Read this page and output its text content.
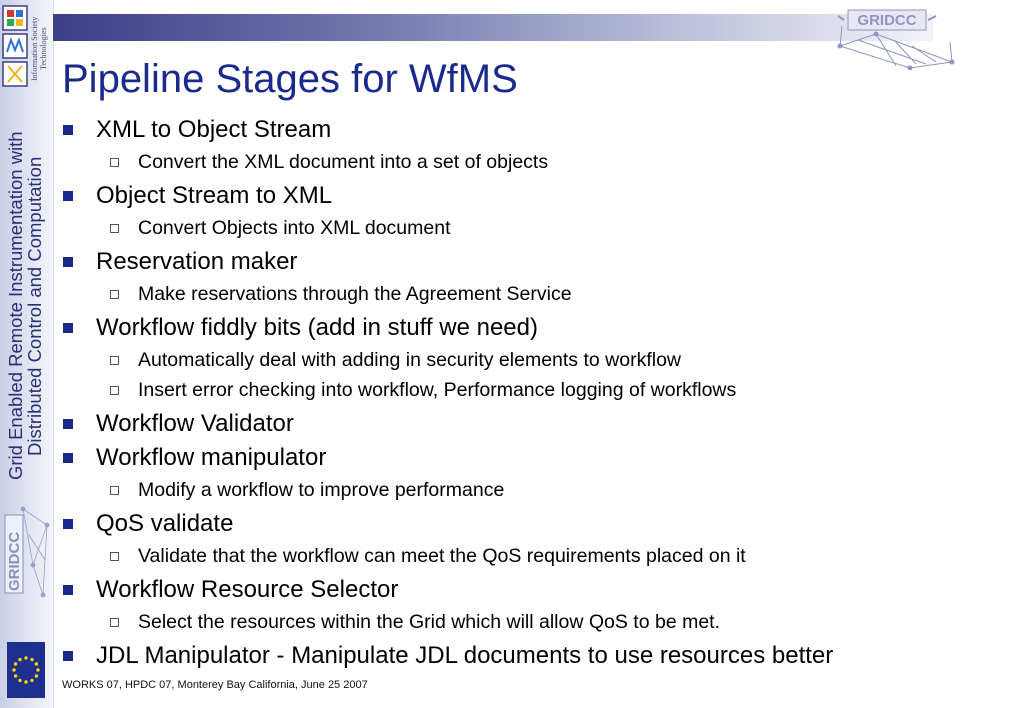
Information Society Technologies
Grid Enabled Remote Instrumentation with
Distributed Control and Computation
GRIDCC
GRIDCC
Pipeline Stages for WfMS
XML to Object Stream
Convert the XML document into a set of objects
Object Stream to XML
Convert Objects into XML document
Reservation maker
Make reservations through the Agreement Service
Workflow fiddly bits (add in stuff we need)
Automatically deal with adding in security elements to workflow
Insert error checking into workflow, Performance logging of workflows
Workflow Validator
Workflow manipulator
Modify a workflow to improve performance
QoS validate
Validate that the workflow can meet the QoS requirements placed on it
Workflow Resource Selector
Select the resources within the Grid which will allow QoS to be met.
JDL Manipulator - Manipulate JDL documents to use resources better
WORKS 07, HPDC 07, Monterey Bay California, June 25 2007
